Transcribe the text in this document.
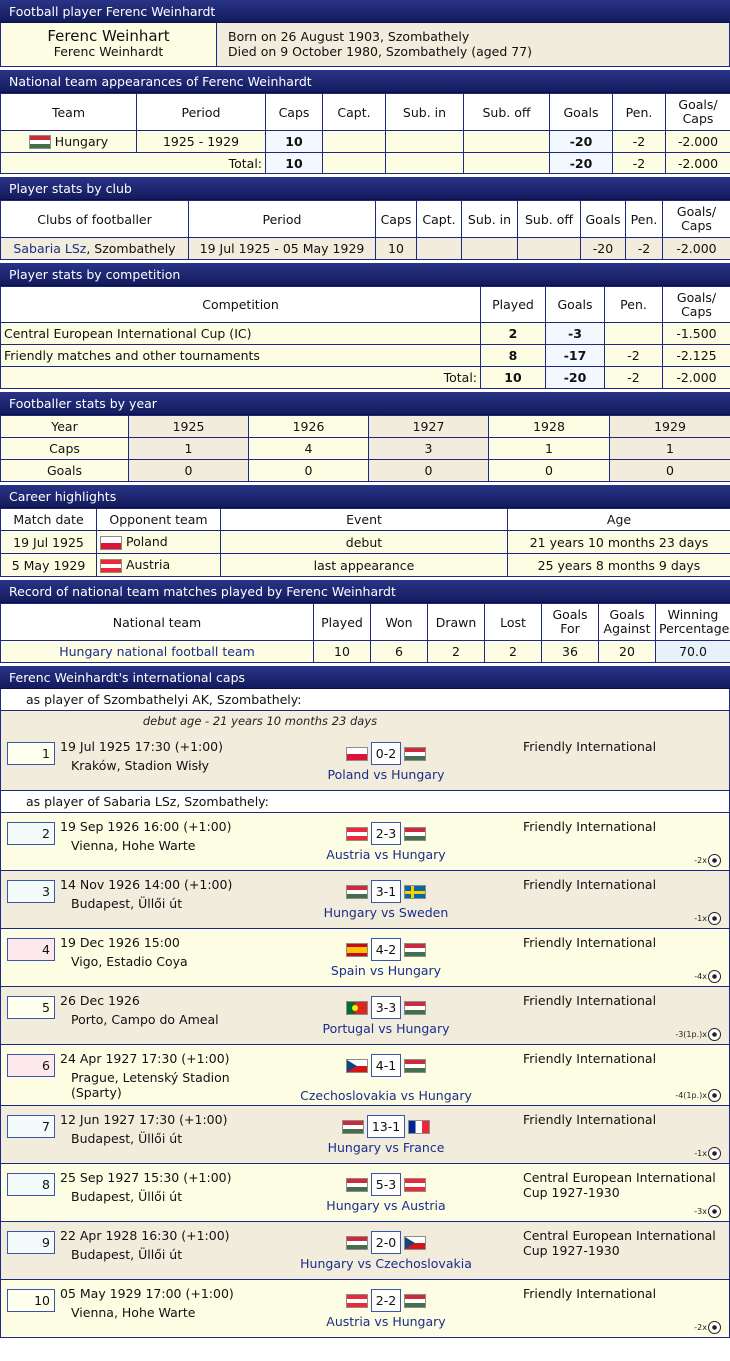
Football player Ferenc Weinhardt
Ferenc Weinhart
Ferenc Weinhardt
Born on 26 August 1903, Szombathely
Died on 9 October 1980, Szombathely (aged 77)
National team appearances of Ferenc Weinhardt
Team	Period	Caps	Capt.	Sub. in	Sub. off	Goals	Pen.	Goals/ Caps
Hungary	1925 - 1929	10				-20	-2	-2.000
	Total:	10				-20	-2	-2.000
Player stats by club
Clubs of footballer	Period	Caps	Capt.	Sub. in	Sub. off	Goals	Pen.	Goals/ Caps
Sabaria LSz, Szombathely	19 Jul 1925 - 05 May 1929	10				-20	-2	-2.000
Player stats by competition
Competition	Played	Goals	Pen.	Goals/ Caps
Central European International Cup (IC)	2	-3		-1.500
Friendly matches and other tournaments	8	-17	-2	-2.125
Total:	10	-20	-2	-2.000
Footballer stats by year
Year	1925	1926	1927	1928	1929
Caps	1	4	3	1	1
Goals	0	0	0	0	0
Career highlights
Match date	Opponent team	Event	Age
19 Jul 1925	Poland	debut	21 years 10 months 23 days
5 May 1929	Austria	last appearance	25 years 8 months 9 days
Record of national team matches played by Ferenc Weinhardt
National team	Played	Won	Drawn	Lost	Goals For	Goals Against	Winning Percentage
Hungary national football team	10	6	2	2	36	20	70.0
Ferenc Weinhardt's international caps
as player of Szombathelyi AK, Szombathely:
debut age - 21 years 10 months 23 days
1 19 Jul 1925 17:30 (+1:00)
Kraków, Stadion Wisły
0-2
Poland vs Hungary
Friendly International
as player of Sabaria LSz, Szombathely:
2 19 Sep 1926 16:00 (+1:00)
Vienna, Hohe Warte
2-3
Austria vs Hungary
Friendly International
-2x
3 14 Nov 1926 14:00 (+1:00)
Budapest, Üllői út
3-1
Hungary vs Sweden
Friendly International
-1x
4 19 Dec 1926 15:00
Vigo, Estadio Coya
4-2
Spain vs Hungary
Friendly International
-4x
5 26 Dec 1926
Porto, Campo do Ameal
3-3
Portugal vs Hungary
Friendly International
-3(1p.)x
6 24 Apr 1927 17:30 (+1:00)
Prague, Letenský Stadion (Sparty)
4-1
Czechoslovakia vs Hungary
Friendly International
-4(1p.)x
7 12 Jun 1927 17:30 (+1:00)
Budapest, Üllői út
13-1
Hungary vs France
Friendly International
-1x
8 25 Sep 1927 15:30 (+1:00)
Budapest, Üllői út
5-3
Hungary vs Austria
Central European International Cup 1927-1930
-3x
9 22 Apr 1928 16:30 (+1:00)
Budapest, Üllői út
2-0
Hungary vs Czechoslovakia
Central European International Cup 1927-1930
10 05 May 1929 17:00 (+1:00)
Vienna, Hohe Warte
2-2
Austria vs Hungary
Friendly International
-2x
